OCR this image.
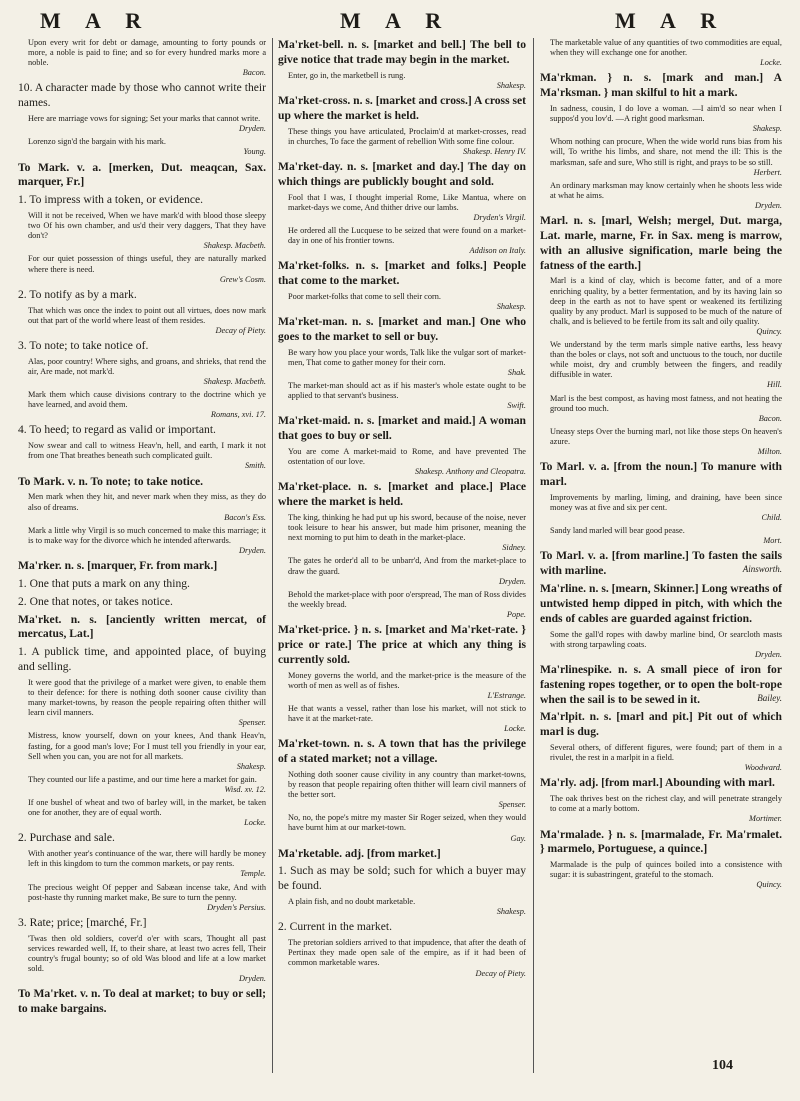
M A R	M A R	M A R
Upon every writ for debt or damage, amounting to forty pounds or more, a noble is paid to fine; and so for every hundred marks more a noble.
Bacon.

10. A character made by those who cannot write their names.

Here are marriage vows for signing; Set your marks that cannot write.
Dryden.
Lorenzo sign'd the bargain with his mark.
Young.

To Mark. v. a. [merken, Dut. meaqcan, Sax. marquer, Fr.]

1. To impress with a token, or evidence.

Will it not be received, When we have mark'd with blood those sleepy two Of his own chamber, and us'd their very daggers, That they have don't?
Shakesp. Macbeth.
For our quiet possession of things useful, they are naturally marked where there is need.
Grew's Cosm.

2. To notify as by a mark.

That which was once the index to point out all virtues, does now mark out that part of the world where least of them resides.
Decay of Piety.

3. To note; to take notice of.

Alas, poor country! Where sighs, and groans, and shrieks, that rend the air, Are made, not mark'd.
Shakesp. Macbeth.
Mark them which cause divisions contrary to the doctrine which ye have learned, and avoid them.
Romans, xvi. 17.

4. To heed; to regard as valid or important.

Now swear and call to witness Heav'n, hell, and earth, I mark it not from one That breathes beneath such complicated guilt.
Smith.

To Mark. v. n. To note; to take notice.

Men mark when they hit, and never mark when they miss, as they do also of dreams.
Bacon's Ess.
Mark a little why Virgil is so much concerned to make this marriage; it is to make way for the divorce which he intended afterwards.
Dryden.

Ma'rker. n. s. [marquer, Fr. from mark.]

1. One that puts a mark on any thing.

2. One that notes, or takes notice.

Ma'rket. n. s. [anciently written mercat, of mercatus, Lat.]

1. A publick time, and appointed place, of buying and selling.

It were good that the privilege of a market were given, to enable them to their defence: for there is nothing doth sooner cause civility than many market-towns, by reason the people repairing often thither will learn civil manners.
Spenser.
Mistress, know yourself, down on your knees, And thank Heav'n, fasting, for a good man's love; For I must tell you friendly in your ear, Sell when you can, you are not for all markets.
Shakesp.
They counted our life a pastime, and our time here a market for gain.
Wisd. xv. 12.
If one bushel of wheat and two of barley will, in the market, be taken one for another, they are of equal worth.
Locke.

2. Purchase and sale.

With another year's continuance of the war, there will hardly be money left in this kingdom to turn the common markets, or pay rents.
Temple.
The precious weight Of pepper and Sabæan incense take, And with post-haste thy running market make, Be sure to turn the penny.
Dryden's Persius.

3. Rate; price; [marché, Fr.]

'Twas then old soldiers, cover'd o'er with scars, Thought all past services rewarded well, If, to their share, at least two acres fell, Their country's frugal bounty; so of old Was blood and life at a low market sold.
Dryden.

To Ma'rket. v. n. To deal at market; to buy or sell; to make bargains.

Ma'rket-bell. n. s. [market and bell.] The bell to give notice that trade may begin in the market.

Enter, go in, the marketbell is rung.
Shakesp.

Ma'rket-cross. n. s. [market and cross.] A cross set up where the market is held.

These things you have articulated, Proclaim'd at market-crosses, read in churches, To face the garment of rebellion With some fine colour.
Shakesp. Henry IV.

Ma'rket-day. n. s. [market and day.] The day on which things are publickly bought and sold.

Fool that I was, I thought imperial Rome, Like Mantua, where on market-days we come, And thither drive our lambs.
Dryden's Virgil.
He ordered all the Lucquese to be seized that were found on a market-day in one of his frontier towns.
Addison on Italy.

Ma'rket-folks. n. s. [market and folks.] People that come to the market.

Poor market-folks that come to sell their corn.
Shakesp.

Ma'rket-man. n. s. [market and man.] One who goes to the market to sell or buy.

Be wary how you place your words, Talk like the vulgar sort of market-men, That come to gather money for their corn.
Shak.
The market-man should act as if his master's whole estate ought to be applied to that servant's business.
Swift.

Ma'rket-maid. n. s. [market and maid.] A woman that goes to buy or sell.

You are come A market-maid to Rome, and have prevented The ostentation of our love.
Shakesp. Anthony and Cleopatra.

Ma'rket-place. n. s. [market and place.] Place where the market is held.

The king, thinking he had put up his sword, because of the noise, never took leisure to hear his answer, but made him prisoner, meaning the next morning to put him to death in the market-place.
Sidney.
The gates he order'd all to be unbarr'd, And from the market-place to draw the guard.
Dryden.
Behold the market-place with poor o'erspread, The man of Ross divides the weekly bread.
Pope.

Ma'rket-price. } n. s. [market and Ma'rket-rate. } price or rate.] The price at which any thing is currently sold.

Money governs the world, and the market-price is the measure of the worth of men as well as of fishes.
L'Estrange.
He that wants a vessel, rather than lose his market, will not stick to have it at the market-rate.
Locke.

Ma'rket-town. n. s. A town that has the privilege of a stated market; not a village.

Nothing doth sooner cause civility in any country than market-towns, by reason that people repairing often thither will learn civil manners of the better sort.
Spenser.
No, no, the pope's mitre my master Sir Roger seized, when they would have burnt him at our market-town.
Gay.

Ma'rketable. adj. [from market.]

1. Such as may be sold; such for which a buyer may be found.

A plain fish, and no doubt marketable.
Shakesp.

2. Current in the market.

The pretorian soldiers arrived to that impudence, that after the death of Pertinax they made open sale of the empire, as if it had been of common marketable wares.
Decay of Piety.
The marketable value of any quantities of two commodities are equal, when they will exchange one for another.
Locke.

Ma'rkman. } n. s. [mark and man.] A Ma'rksman. } man skilful to hit a mark.

In sadness, cousin, I do love a woman. —I aim'd so near when I suppos'd you lov'd. —A right good marksman.
Shakesp.
Whom nothing can procure, When the wide world runs bias from his will, To writhe his limbs, and share, not mend the ill: This is the marksman, safe and sure, Who still is right, and prays to be so still.
Herbert.
An ordinary marksman may know certainly when he shoots less wide at what he aims.
Dryden.

Marl. n. s. [marl, Welsh; mergel, Dut. marga, Lat. marle, marne, Fr. in Sax. meng is marrow, with an allusive signification, marle being the fatness of the earth.]

Marl is a kind of clay, which is become fatter, and of a more enriching quality, by a better fermentation, and by its having lain so deep in the earth as not to have spent or weakened its fertilizing quality by any product. Marl is supposed to be much of the nature of chalk, and is believed to be fertile from its salt and oily quality.
Quincy.
We understand by the term marls simple native earths, less heavy than the boles or clays, not soft and unctuous to the touch, nor ductile while moist, dry and crumbly between the fingers, and readily diffusible in water.
Hill.
Marl is the best compost, as having most fatness, and not heating the ground too much.
Bacon.
Uneasy steps Over the burning marl, not like those steps On heaven's azure.
Milton.

To Marl. v. a. [from the noun.] To manure with marl.

Improvements by marling, liming, and draining, have been since money was at five and six per cent.
Child.
Sandy land marled will bear good pease.
Mort.

To Marl. v. a. [from marline.] To fasten the sails with marline.	Ainsworth.

Ma'rline. n. s. [mearn, Skinner.] Long wreaths of untwisted hemp dipped in pitch, with which the ends of cables are guarded against friction.

Some the gall'd ropes with dawby marline bind, Or searcloth masts with strong tarpawling coats.
Dryden.

Ma'rlinespike. n. s. A small piece of iron for fastening ropes together, or to open the bolt-rope when the sail is to be sewed in it.	Bailey.

Ma'rlpit. n. s. [marl and pit.] Pit out of which marl is dug.

Several others, of different figures, were found; part of them in a rivulet, the rest in a marlpit in a field.
Woodward.

Ma'rly. adj. [from marl.] Abounding with marl.

The oak thrives best on the richest clay, and will penetrate strangely to come at a marly bottom.
Mortimer.

Ma'rmalade. } n. s. [marmalade, Fr. Ma'rmalet. } marmelo, Portuguese, a quince.]

Marmalade is the pulp of quinces boiled into a consistence with sugar: it is subastringent, grateful to the stomach.
Quincy.
104
